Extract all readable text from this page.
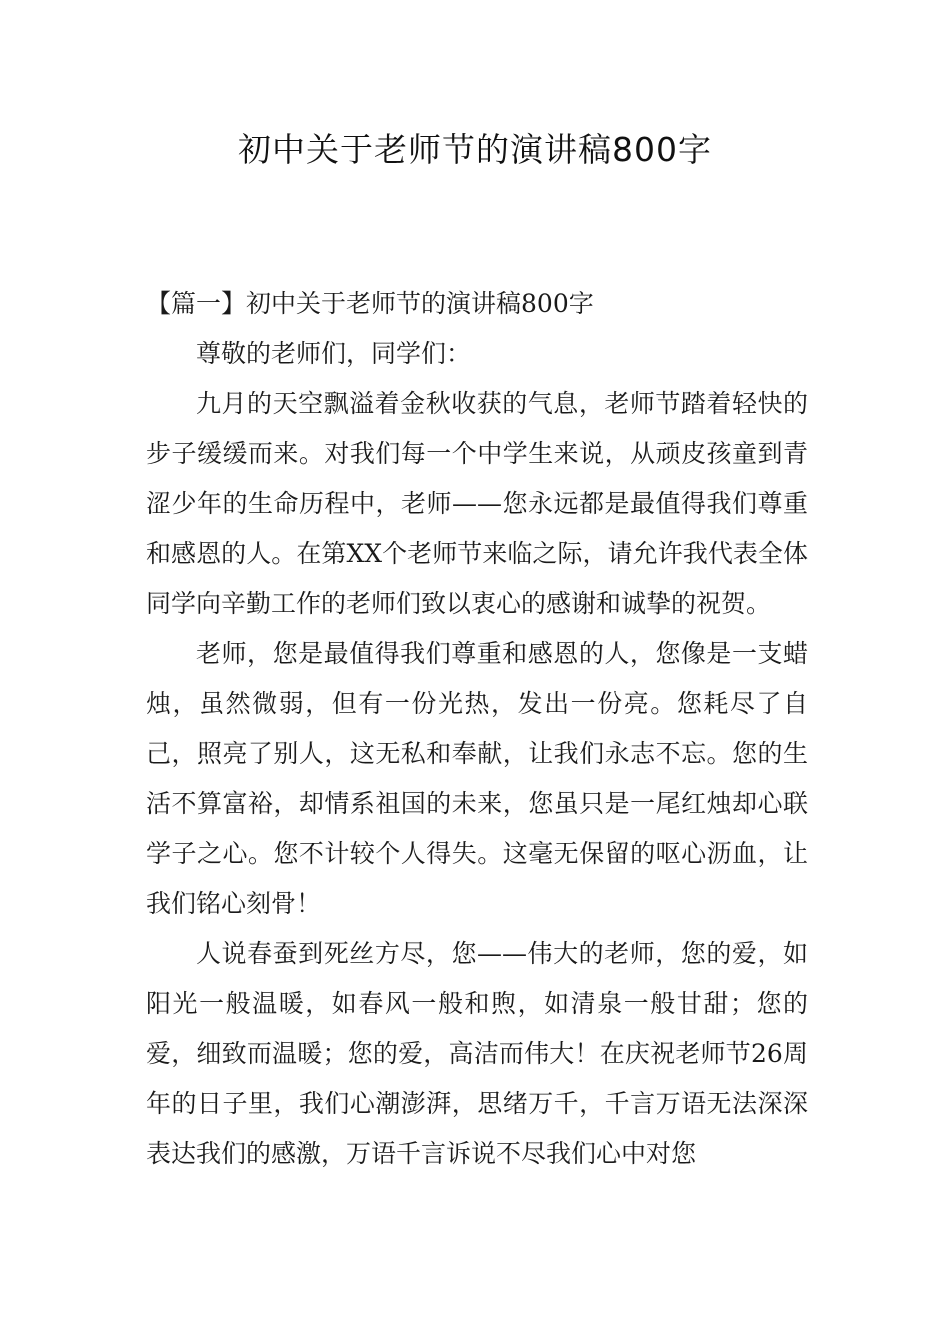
初中关于老师节的演讲稿800字

【篇一】初中关于老师节的演讲稿800字

尊敬的老师们，同学们：

九月的天空飘溢着金秋收获的气息，老师节踏着轻快的步子缓缓而来。对我们每一个中学生来说，从顽皮孩童到青涩少年的生命历程中，老师——您永远都是最值得我们尊重和感恩的人。在第XX个老师节来临之际，请允许我代表全体同学向辛勤工作的老师们致以衷心的感谢和诚挚的祝贺。

老师，您是最值得我们尊重和感恩的人，您像是一支蜡烛，虽然微弱，但有一份光热，发出一份亮。您耗尽了自己，照亮了别人，这无私和奉献，让我们永志不忘。您的生活不算富裕，却情系祖国的未来，您虽只是一尾红烛却心联学子之心。您不计较个人得失。这毫无保留的呕心沥血，让我们铭心刻骨！

人说春蚕到死丝方尽，您——伟大的老师，您的爱，如阳光一般温暖，如春风一般和煦，如清泉一般甘甜；您的爱，细致而温暖；您的爱，高洁而伟大！在庆祝老师节26周年的日子里，我们心潮澎湃，思绪万千，千言万语无法深深表达我们的感激，万语千言诉说不尽我们心中对您
